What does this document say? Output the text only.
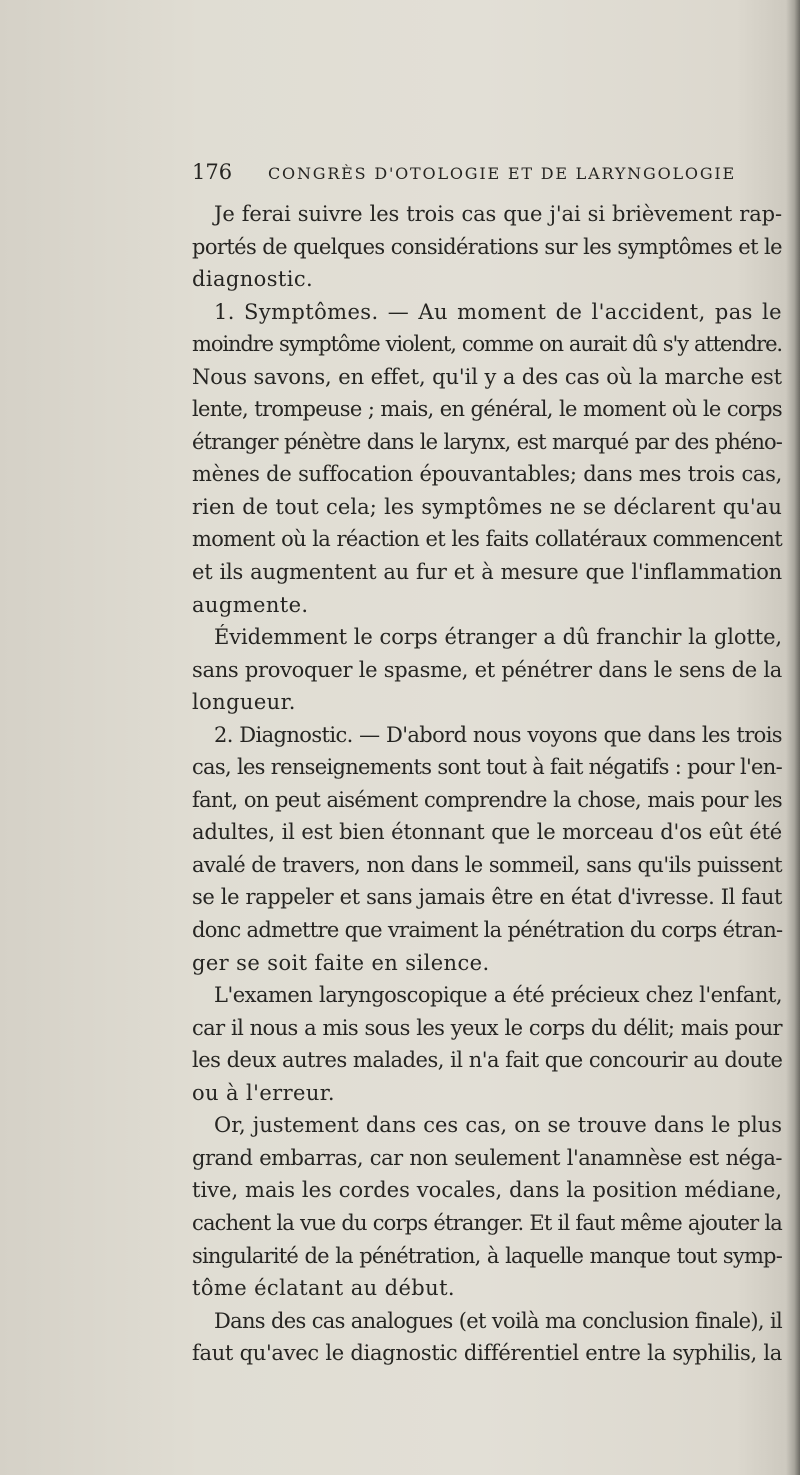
176 CONGRÈS D'OTOLOGIE ET DE LARYNGOLOGIE
Je ferai suivre les trois cas que j'ai si brièvement rap-
portés de quelques considérations sur les symptômes et le
diagnostic.
1. Symptômes. — Au moment de l'accident, pas le
moindre symptôme violent, comme on aurait dû s'y attendre.
Nous savons, en effet, qu'il y a des cas où la marche est
lente, trompeuse ; mais, en général, le moment où le corps
étranger pénètre dans le larynx, est marqué par des phéno-
mènes de suffocation épouvantables; dans mes trois cas,
rien de tout cela; les symptômes ne se déclarent qu'au
moment où la réaction et les faits collatéraux commencent
et ils augmentent au fur et à mesure que l'inflammation
augmente.
Évidemment le corps étranger a dû franchir la glotte,
sans provoquer le spasme, et pénétrer dans le sens de la
longueur.
2. Diagnostic. — D'abord nous voyons que dans les trois
cas, les renseignements sont tout à fait négatifs : pour l'en-
fant, on peut aisément comprendre la chose, mais pour les
adultes, il est bien étonnant que le morceau d'os eût été
avalé de travers, non dans le sommeil, sans qu'ils puissent
se le rappeler et sans jamais être en état d'ivresse. Il faut
donc admettre que vraiment la pénétration du corps étran-
ger se soit faite en silence.
L'examen laryngoscopique a été précieux chez l'enfant,
car il nous a mis sous les yeux le corps du délit; mais pour
les deux autres malades, il n'a fait que concourir au doute
ou à l'erreur.
Or, justement dans ces cas, on se trouve dans le plus
grand embarras, car non seulement l'anamnèse est néga-
tive, mais les cordes vocales, dans la position médiane,
cachent la vue du corps étranger. Et il faut même ajouter la
singularité de la pénétration, à laquelle manque tout symp-
tôme éclatant au début.
Dans des cas analogues (et voilà ma conclusion finale), il
faut qu'avec le diagnostic différentiel entre la syphilis, la
